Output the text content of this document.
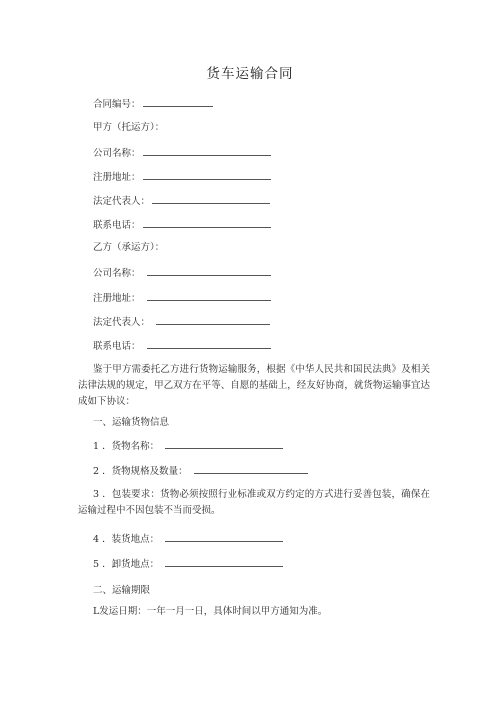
货车运输合同
合同编号：
甲方（托运方）：
公司名称：
注册地址：
法定代表人：
联系电话：
乙方（承运方）：
公司名称：
注册地址：
法定代表人：
联系电话：
鉴于甲方需委托乙方进行货物运输服务，根据《中华人民共和国民法典》及相关法律法规的规定，甲乙双方在平等、自愿的基础上，经友好协商，就货物运输事宜达成如下协议：
一、运输货物信息
1 ．货物名称：
2 ．货物规格及数量：
3 ．包装要求：货物必须按照行业标准或双方约定的方式进行妥善包装，确保在运输过程中不因包装不当而受损。
4 ．装货地点：
5 ．卸货地点：
二、运输期限
L发运日期：一年一月一日，具体时间以甲方通知为准。
